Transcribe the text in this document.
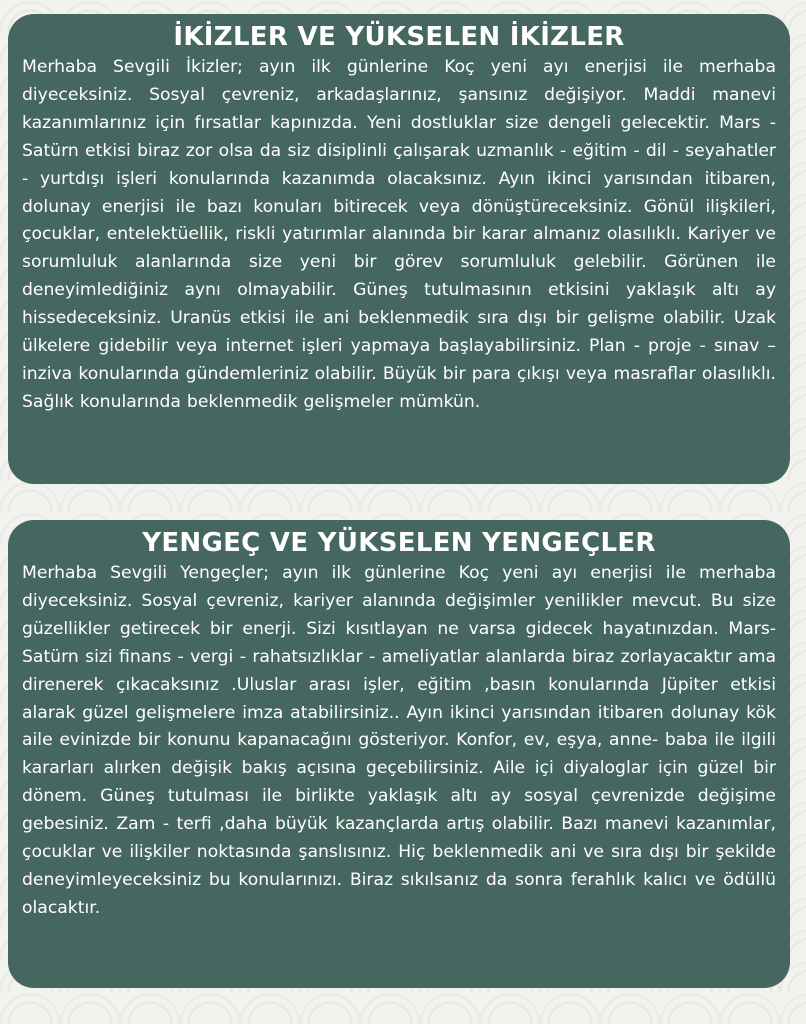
İKİZLER VE YÜKSELEN İKİZLER

Merhaba Sevgili İkizler; ayın ilk günlerine Koç yeni ayı enerjisi ile merhaba diyeceksiniz. Sosyal çevreniz, arkadaşlarınız, şansınız değişiyor. Maddi manevi kazanımlarınız için fırsatlar kapınızda. Yeni dostluklar size dengeli gelecektir. Mars - Satürn etkisi biraz zor olsa da siz disiplinli çalışarak uzmanlık - eğitim - dil - seyahatler - yurtdışı işleri konularında kazanımda olacaksınız. Ayın ikinci yarısından itibaren, dolunay enerjisi ile bazı konuları bitirecek veya dönüştüreceksiniz. Gönül ilişkileri, çocuklar, entelektüellik, riskli yatırımlar alanında bir karar almanız olasılıklı. Kariyer ve sorumluluk alanlarında size yeni bir görev sorumluluk gelebilir. Görünen ile deneyimlediğiniz aynı olmayabilir. Güneş tutulmasının etkisini yaklaşık altı ay hissedeceksiniz. Uranüs etkisi ile ani beklenmedik sıra dışı bir gelişme olabilir. Uzak ülkelere gidebilir veya internet işleri yapmaya başlayabilirsiniz. Plan - proje - sınav – inziva konularında gündemleriniz olabilir. Büyük bir para çıkışı veya masraflar olasılıklı. Sağlık konularında beklenmedik gelişmeler mümkün.

YENGEÇ VE YÜKSELEN YENGEÇLER

Merhaba Sevgili Yengeçler; ayın ilk günlerine Koç yeni ayı enerjisi ile merhaba diyeceksiniz. Sosyal çevreniz, kariyer alanında değişimler yenilikler mevcut. Bu size güzellikler getirecek bir enerji. Sizi kısıtlayan ne varsa gidecek hayatınızdan. Mars- Satürn sizi finans - vergi - rahatsızlıklar - ameliyatlar alanlarda biraz zorlayacaktır ama direnerek çıkacaksınız .Uluslar arası işler, eğitim ,basın konularında Jüpiter etkisi alarak güzel gelişmelere imza atabilirsiniz.. Ayın ikinci yarısından itibaren dolunay kök aile evinizde bir konunu kapanacağını gösteriyor. Konfor, ev, eşya, anne- baba ile ilgili kararları alırken değişik bakış açısına geçebilirsiniz. Aile içi diyaloglar için güzel bir dönem. Güneş tutulması ile birlikte yaklaşık altı ay sosyal çevrenizde değişime gebesiniz. Zam - terfi ,daha büyük kazançlarda artış olabilir. Bazı manevi kazanımlar, çocuklar ve ilişkiler noktasında şanslısınız. Hiç beklenmedik ani ve sıra dışı bir şekilde deneyimleyeceksiniz bu konularınızı. Biraz sıkılsanız da sonra ferahlık kalıcı ve ödüllü olacaktır.
